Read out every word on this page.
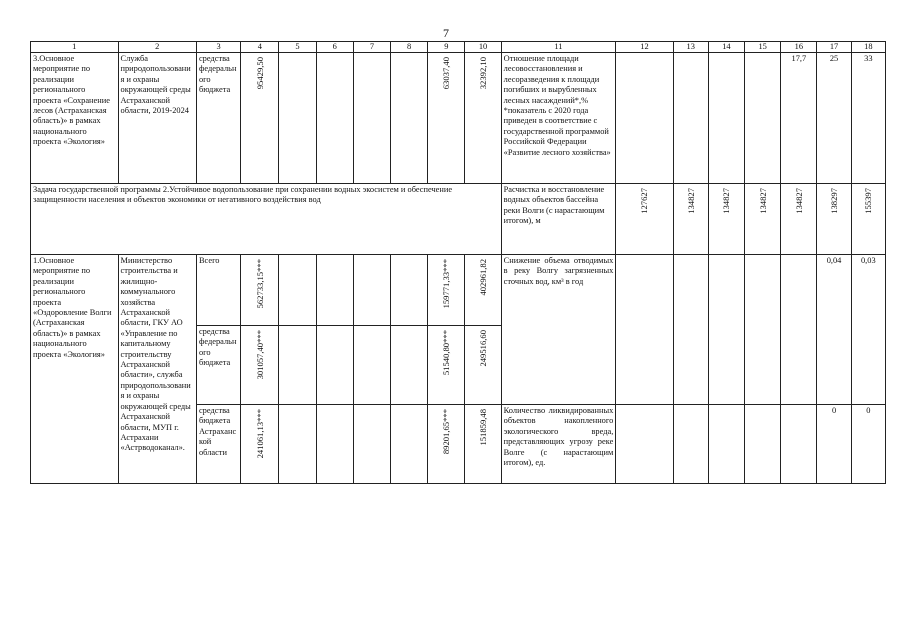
7
1	2	3	4	5	6	7	8	9	10	11	12	13	14	15	16	17	18
3.Основное мероприятие по реализации регионального проекта «Сохранение лесов (Астраханская область)» в рамках национального проекта «Экология»	Служба природопользования и охраны окружающей среды Астраханской области, 2019-2024	средства федерального бюджета	95429,50					63037,40	32392,10	Отношение площади лесовосстановления и лесоразведения к площади погибших и вырубленных лесных насаждений*,%
*показатель с 2020 года приведен в соответствие с государственной программой Российской Федерации «Развитие лесного хозяйства»					17,7	25	33
Задача государственной программы 2.Устойчивое водопользование при сохранении водных экосистем и обеспечение защищенности населения и объектов экономики от негативного воздействия вод										Расчистка и восстановление водных объектов бассейна реки Волги (с нарастающим итогом), м	127627	134827	134827	134827	134827	138297	155397

1.Основное мероприятие по реализации регионального проекта «Оздоровление Волги (Астраханская область)» в рамках национального проекта «Экология»	Министерство строительства и жилищно-коммунального хозяйства Астраханской области, ГКУ АО «Управление по капитальному строительству Астраханской области», служба природопользования и охраны окружающей среды Астраханской области, МУП г. Астрахани «Астрводоканал».	Всего	562733,15***					159771,33***	402961,82	Снижение объема отводимых в реку Волгу загрязненных сточных вод, км³ в год						0,04	0,03
		средства федерального бюджета	301057,40***					51540,80***	249516,60								

		средства бюджета Астраханской области	241061,13***					89201,65***	151859,48	Количество ликвидированных объектов накопленного экологического вреда, представляющих угрозу реке Волге (с нарастающим итогом), ед.						0	0
